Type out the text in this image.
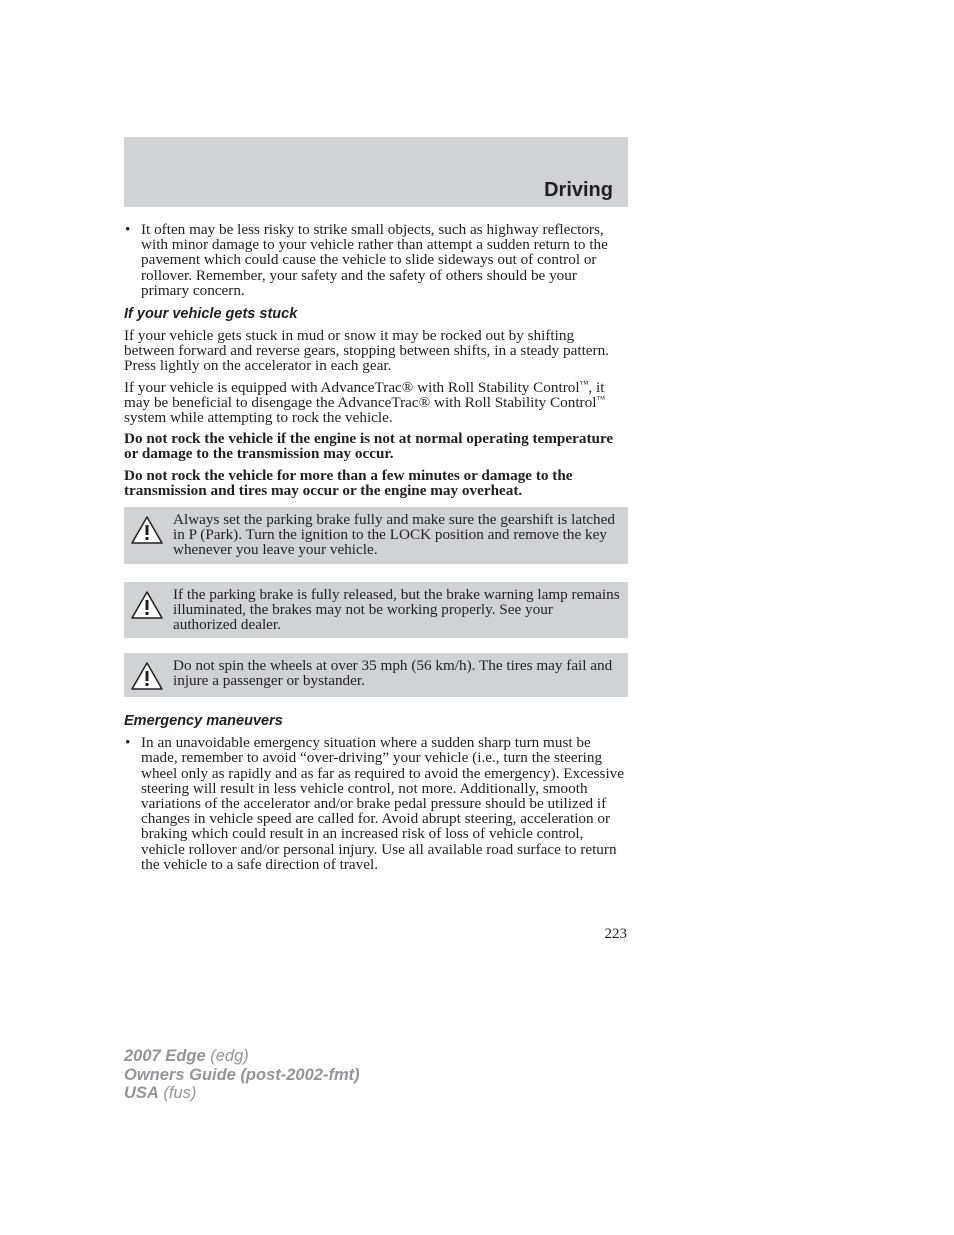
Driving
• It often may be less risky to strike small objects, such as highway reflectors, with minor damage to your vehicle rather than attempt a sudden return to the pavement which could cause the vehicle to slide sideways out of control or rollover. Remember, your safety and the safety of others should be your primary concern.
If your vehicle gets stuck

If your vehicle gets stuck in mud or snow it may be rocked out by shifting between forward and reverse gears, stopping between shifts, in a steady pattern. Press lightly on the accelerator in each gear.

If your vehicle is equipped with AdvanceTrac® with Roll Stability Control™, it may be beneficial to disengage the AdvanceTrac® with Roll Stability Control™ system while attempting to rock the vehicle.

Do not rock the vehicle if the engine is not at normal operating temperature or damage to the transmission may occur.

Do not rock the vehicle for more than a few minutes or damage to the transmission and tires may occur or the engine may overheat.

Always set the parking brake fully and make sure the gearshift is latched in P (Park). Turn the ignition to the LOCK position and remove the key whenever you leave your vehicle.

If the parking brake is fully released, but the brake warning lamp remains illuminated, the brakes may not be working properly. See your authorized dealer.

Do not spin the wheels at over 35 mph (56 km/h). The tires may fail and injure a passenger or bystander.

Emergency maneuvers
• In an unavoidable emergency situation where a sudden sharp turn must be made, remember to avoid “over-driving” your vehicle (i.e., turn the steering wheel only as rapidly and as far as required to avoid the emergency). Excessive steering will result in less vehicle control, not more. Additionally, smooth variations of the accelerator and/or brake pedal pressure should be utilized if changes in vehicle speed are called for. Avoid abrupt steering, acceleration or braking which could result in an increased risk of loss of vehicle control, vehicle rollover and/or personal injury. Use all available road surface to return the vehicle to a safe direction of travel.
223
2007 Edge (edg)
Owners Guide (post-2002-fmt)
USA (fus)
